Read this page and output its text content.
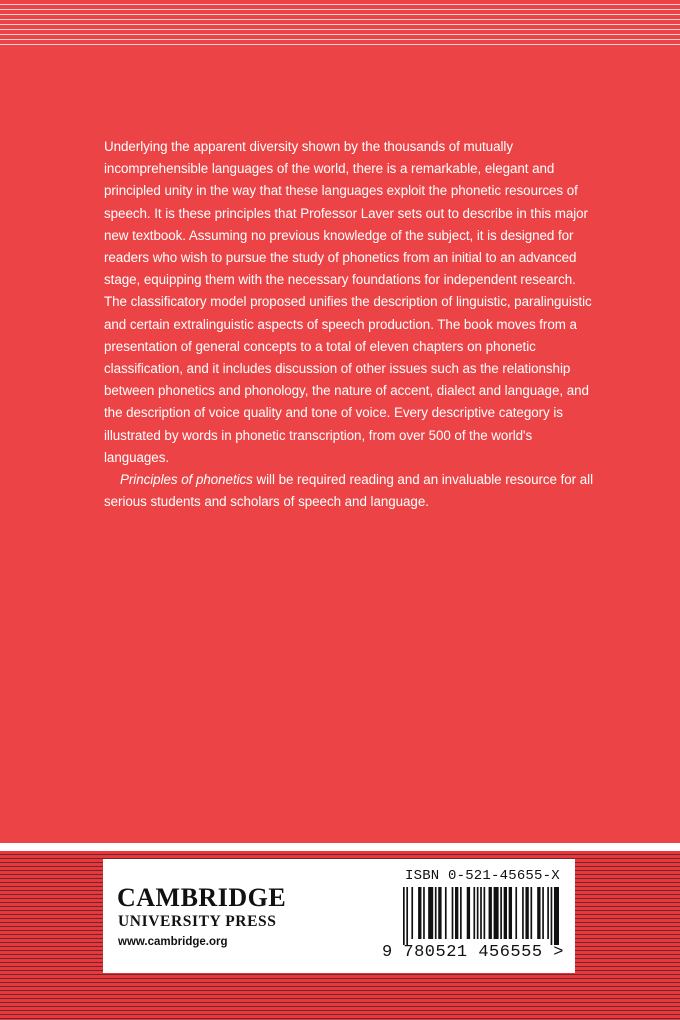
Underlying the apparent diversity shown by the thousands of mutually incomprehensible languages of the world, there is a remarkable, elegant and principled unity in the way that these languages exploit the phonetic resources of speech. It is these principles that Professor Laver sets out to describe in this major new textbook. Assuming no previous knowledge of the subject, it is designed for readers who wish to pursue the study of phonetics from an initial to an advanced stage, equipping them with the necessary foundations for independent research. The classificatory model proposed unifies the description of linguistic, paralinguistic and certain extralinguistic aspects of speech production. The book moves from a presentation of general concepts to a total of eleven chapters on phonetic classification, and it includes discussion of other issues such as the relationship between phonetics and phonology, the nature of accent, dialect and language, and the description of voice quality and tone of voice. Every descriptive category is illustrated by words in phonetic transcription, from over 500 of the world's languages.

Principles of phonetics will be required reading and an invaluable resource for all serious students and scholars of speech and language.

CAMBRIDGE
UNIVERSITY PRESS
www.cambridge.org
ISBN 0-521-45655-X
9 780521 456555 >
